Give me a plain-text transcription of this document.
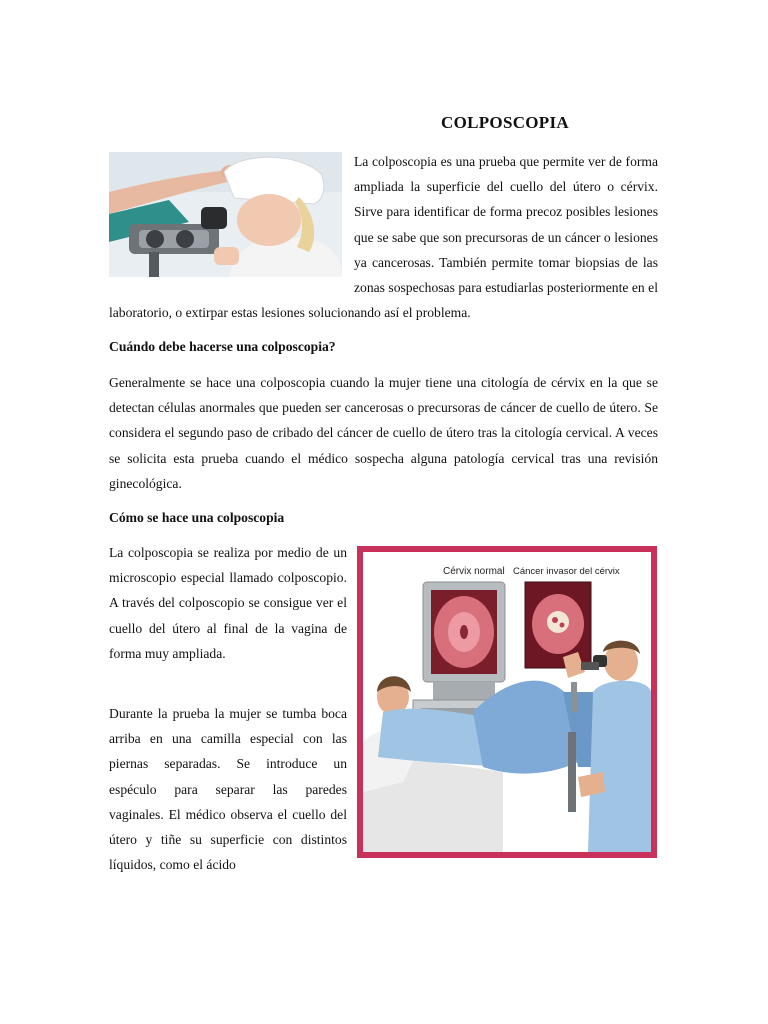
COLPOSCOPIA

La colposcopia es una prueba que permite ver de forma ampliada la superficie del cuello del útero o cérvix. Sirve para identificar de forma precoz posibles lesiones que se sabe que son precursoras de un cáncer o lesiones ya cancerosas. También permite tomar biopsias de las zonas sospechosas para estudiarlas posteriormente en el laboratorio, o extirpar estas lesiones solucionando así el problema.

Cuándo debe hacerse una colposcopia?

Generalmente se hace una colposcopia cuando la mujer tiene una citología de cérvix en la que se detectan células anormales que pueden ser cancerosas o precursoras de cáncer de cuello de útero. Se considera el segundo paso de cribado del cáncer de cuello de útero tras la citología cervical. A veces se solicita esta prueba cuando el médico sospecha alguna patología cervical tras una revisión ginecológica.

Cómo se hace una colposcopia

La colposcopia se realiza por medio de un microscopio especial llamado colposcopio. A través del colposcopio se consigue ver el cuello del útero al final de la vagina de forma muy ampliada.

Durante la prueba la mujer se tumba boca arriba en una camilla especial con las piernas separadas. Se introduce un espéculo para separar las paredes vaginales. El médico observa el cuello del útero y tiñe su superficie con distintos líquidos, como el ácido

Cérvix normal Cáncer invasor del cérvix
